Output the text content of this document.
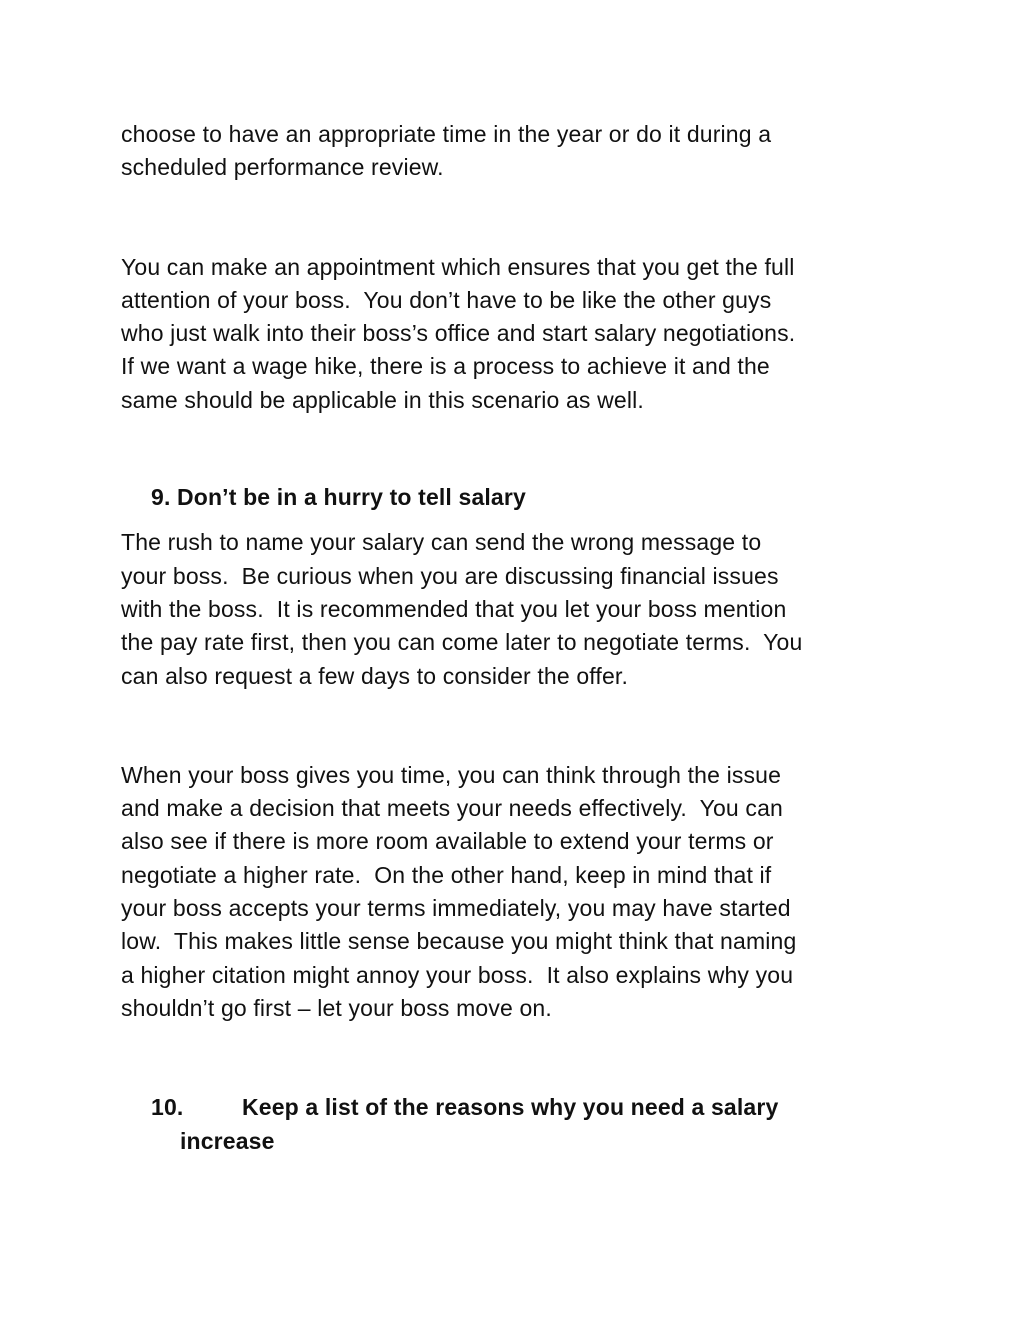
choose to have an appropriate time in the year or do it during a
scheduled performance review.

You can make an appointment which ensures that you get the full
attention of your boss.  You don’t have to be like the other guys
who just walk into their boss’s office and start salary negotiations.
If we want a wage hike, there is a process to achieve it and the
same should be applicable in this scenario as well.

9. Don’t be in a hurry to tell salary

The rush to name your salary can send the wrong message to
your boss.  Be curious when you are discussing financial issues
with the boss.  It is recommended that you let your boss mention
the pay rate first, then you can come later to negotiate terms.  You
can also request a few days to consider the offer.

When your boss gives you time, you can think through the issue
and make a decision that meets your needs effectively.  You can
also see if there is more room available to extend your terms or
negotiate a higher rate.  On the other hand, keep in mind that if
your boss accepts your terms immediately, you may have started
low.  This makes little sense because you might think that naming
a higher citation might annoy your boss.  It also explains why you
shouldn’t go first – let your boss move on.

10.	Keep a list of the reasons why you need a salary
increase
